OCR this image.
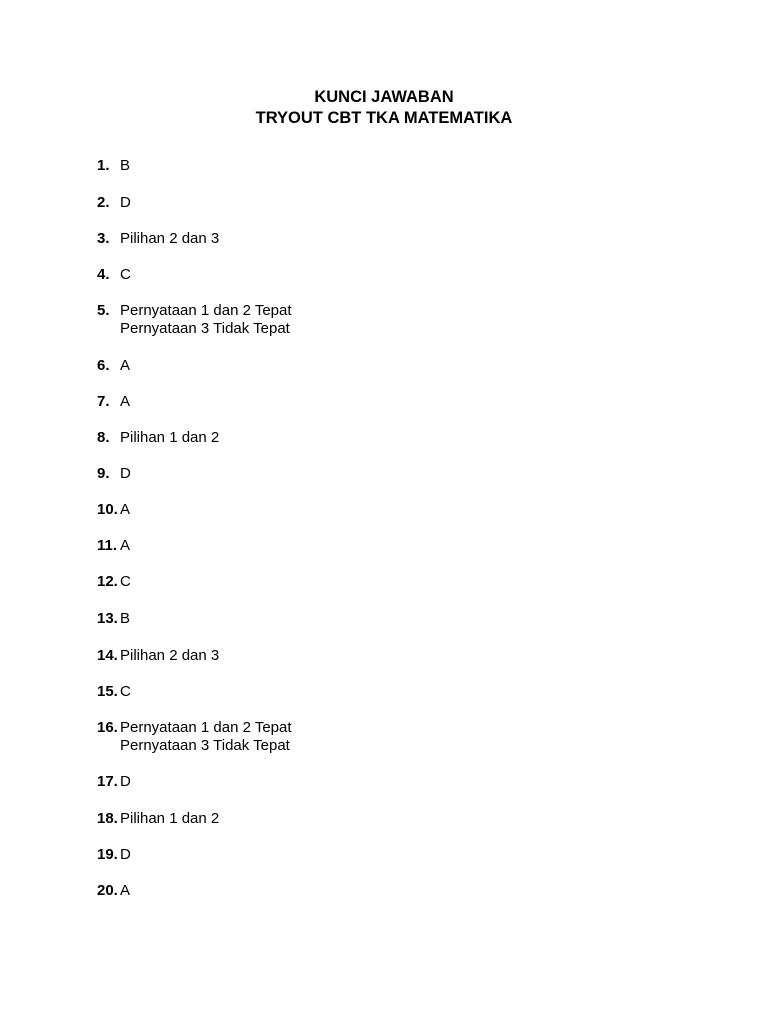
KUNCI JAWABAN
TRYOUT CBT TKA MATEMATIKA
1. B
2. D
3. Pilihan 2 dan 3
4. C
5. Pernyataan 1 dan 2 Tepat
Pernyataan 3 Tidak Tepat
6. A
7. A
8. Pilihan 1 dan 2
9. D
10. A
11. A
12. C
13. B
14. Pilihan 2 dan 3
15. C
16. Pernyataan 1 dan 2 Tepat
Pernyataan 3 Tidak Tepat
17. D
18. Pilihan 1 dan 2
19. D
20. A
